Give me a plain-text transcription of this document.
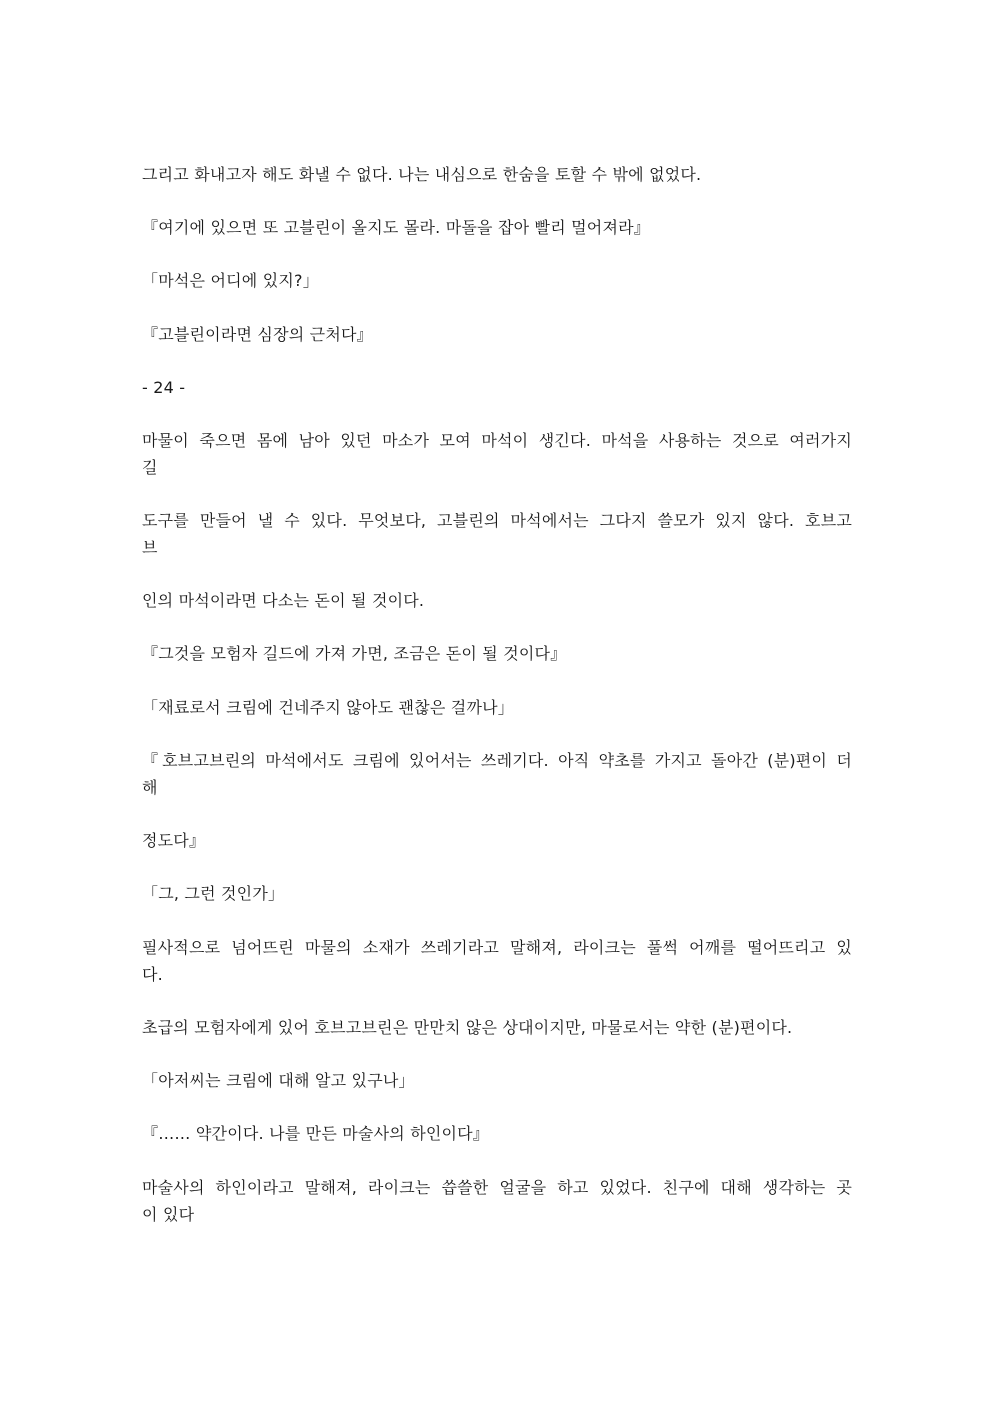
그리고 화내고자 해도 화낼 수 없다. 나는 내심으로 한숨을 토할 수 밖에 없었다.

『여기에 있으면 또 고블린이 올지도 몰라. 마돌을 잡아 빨리 멀어져라』

「마석은 어디에 있지?」

『고블린이라면 심장의 근처다』

- 24 -

마물이 죽으면 몸에 남아 있던 마소가 모여 마석이 생긴다. 마석을 사용하는 것으로 여러가지
길

도구를 만들어 낼 수 있다. 무엇보다, 고블린의 마석에서는 그다지 쓸모가 있지 않다. 호브고
브

인의 마석이라면 다소는 돈이 될 것이다.

『그것을 모험자 길드에 가져 가면, 조금은 돈이 될 것이다』

「재료로서 크림에 건네주지 않아도 괜찮은 걸까나」

『호브고브린의 마석에서도 크림에 있어서는 쓰레기다. 아직 약초를 가지고 돌아간 (분)편이 더
해

정도다』

「그, 그런 것인가」

필사적으로 넘어뜨린 마물의 소재가 쓰레기라고 말해져, 라이크는 풀썩 어깨를 떨어뜨리고 있
다.

초급의 모험자에게 있어 호브고브린은 만만치 않은 상대이지만, 마물로서는 약한 (분)편이다.

「아저씨는 크림에 대해 알고 있구나」

『…… 약간이다. 나를 만든 마술사의 하인이다』

마술사의 하인이라고 말해져, 라이크는 씁쓸한 얼굴을 하고 있었다. 친구에 대해 생각하는 곳
이 있다
